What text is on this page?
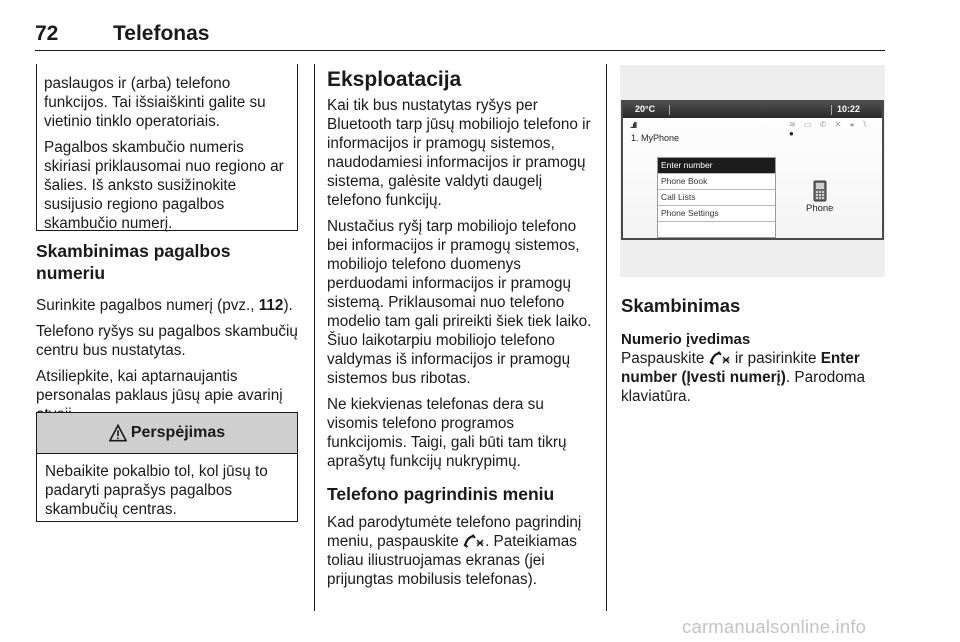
72	Telefonas

paslaugos ir (arba) telefono funkcijos. Tai išsiaiškinti galite su vietinio tinklo operatoriais.

Pagalbos skambučio numeris skiriasi priklausomai nuo regiono ar šalies. Iš anksto susižinokite susijusio regiono pagalbos skambučio numerį.

Skambinimas pagalbos numeriu

Surinkite pagalbos numerį (pvz., 112).

Telefono ryšys su pagalbos skambučių centru bus nustatytas.

Atsiliepkite, kai aptarnaujantis personalas paklaus jūsų apie avarinį

Perspėjimas
Nebaikite pokalbio tol, kol jūsų to padaryti paprašys pagalbos skambučių centras.
Eksploatacija

Kai tik bus nustatytas ryšys per Bluetooth tarp jūsų mobiliojo telefono ir informacijos ir pramogų sistemos, naudodamiesi informacijos ir pramogų sistema, galėsite valdyti daugelį telefono funkcijų.

Nustačius ryšį tarp mobiliojo telefono bei informacijos ir pramogų sistemos, mobiliojo telefono duomenys perduodami informacijos ir pramogų sistemą. Priklausomai nuo telefono modelio tam gali prireikti šiek tiek laiko. Šiuo laikotarpiu mobiliojo telefono valdymas iš informacijos ir pramogų sistemos bus ribotas.

Ne kiekvienas telefonas dera su visomis telefono programos funkcijomis. Taigi, gali būti tam tikrų aprašytų funkcijų nukrypimų.

Telefono pagrindinis meniu

Kad parodytumėte telefono pagrindinį meniu, paspauskite . Pateikiamas toliau iliustruojamas ekranas (jei prijungtas mobilusis telefonas).

20°C	10:22
..ıIl	≋ ▭ ✆ ✕ ◂ ∖ ●
1. MyPhone
Enter number
Phone Book
Call Lists
Phone Settings	Phone
Skambinimas
Numerio įvedimas

Paspauskite  ir pasirinkite Enter number (Įvesti numerį). Parodoma klaviatūra.

carmanualsonline.info
